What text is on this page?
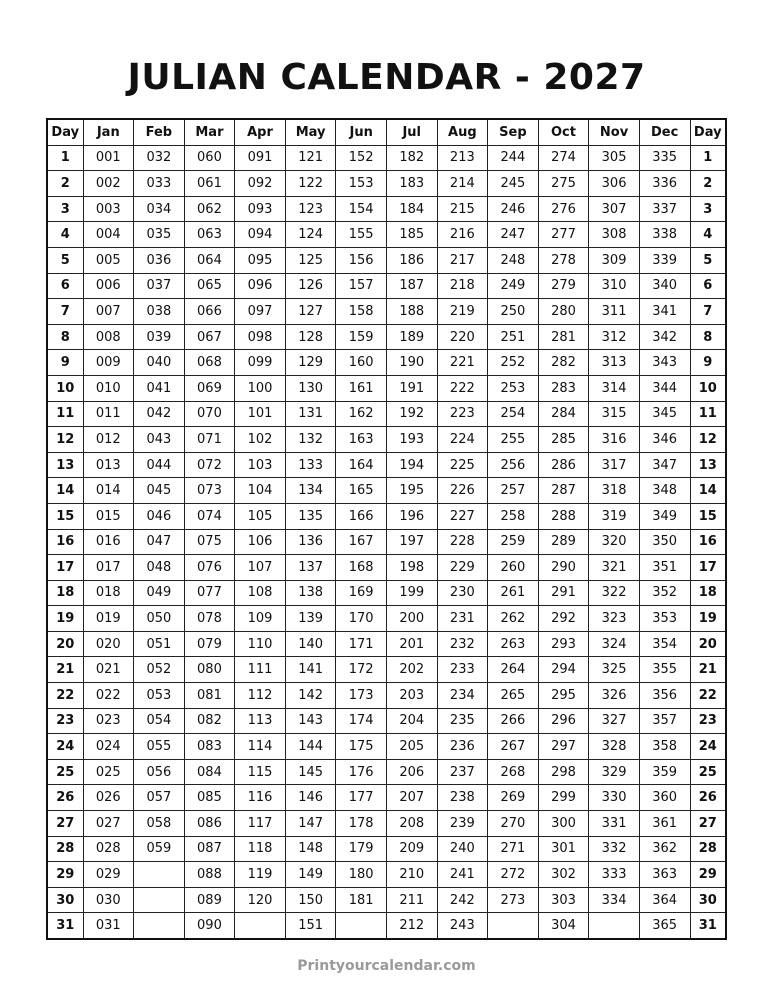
JULIAN CALENDAR - 2027
Day	Jan	Feb	Mar	Apr	May	Jun	Jul	Aug	Sep	Oct	Nov	Dec	Day
1	001	032	060	091	121	152	182	213	244	274	305	335	1
2	002	033	061	092	122	153	183	214	245	275	306	336	2
3	003	034	062	093	123	154	184	215	246	276	307	337	3
4	004	035	063	094	124	155	185	216	247	277	308	338	4
5	005	036	064	095	125	156	186	217	248	278	309	339	5
6	006	037	065	096	126	157	187	218	249	279	310	340	6
7	007	038	066	097	127	158	188	219	250	280	311	341	7
8	008	039	067	098	128	159	189	220	251	281	312	342	8
9	009	040	068	099	129	160	190	221	252	282	313	343	9
10	010	041	069	100	130	161	191	222	253	283	314	344	10
11	011	042	070	101	131	162	192	223	254	284	315	345	11
12	012	043	071	102	132	163	193	224	255	285	316	346	12
13	013	044	072	103	133	164	194	225	256	286	317	347	13
14	014	045	073	104	134	165	195	226	257	287	318	348	14
15	015	046	074	105	135	166	196	227	258	288	319	349	15
16	016	047	075	106	136	167	197	228	259	289	320	350	16
17	017	048	076	107	137	168	198	229	260	290	321	351	17
18	018	049	077	108	138	169	199	230	261	291	322	352	18
19	019	050	078	109	139	170	200	231	262	292	323	353	19
20	020	051	079	110	140	171	201	232	263	293	324	354	20
21	021	052	080	111	141	172	202	233	264	294	325	355	21
22	022	053	081	112	142	173	203	234	265	295	326	356	22
23	023	054	082	113	143	174	204	235	266	296	327	357	23
24	024	055	083	114	144	175	205	236	267	297	328	358	24
25	025	056	084	115	145	176	206	237	268	298	329	359	25
26	026	057	085	116	146	177	207	238	269	299	330	360	26
27	027	058	086	117	147	178	208	239	270	300	331	361	27
28	028	059	087	118	148	179	209	240	271	301	332	362	28
29	029		088	119	149	180	210	241	272	302	333	363	29
30	030		089	120	150	181	211	242	273	303	334	364	30
31	031		090		151		212	243		304		365	31
Printyourcalendar.com
